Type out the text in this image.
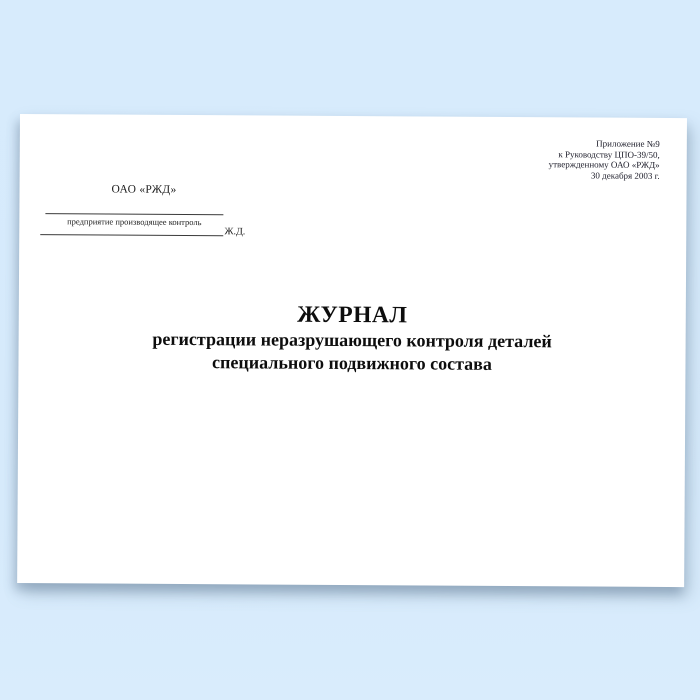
Приложение №9
к Руководству ЦПО-39/50,
утвержденному ОАО «РЖД»
30 декабря 2003 г.
ОАО «РЖД»
предприятие производящее контроль
Ж.Д.
ЖУРНАЛ
регистрации неразрушающего контроля деталей
специального подвижного состава
